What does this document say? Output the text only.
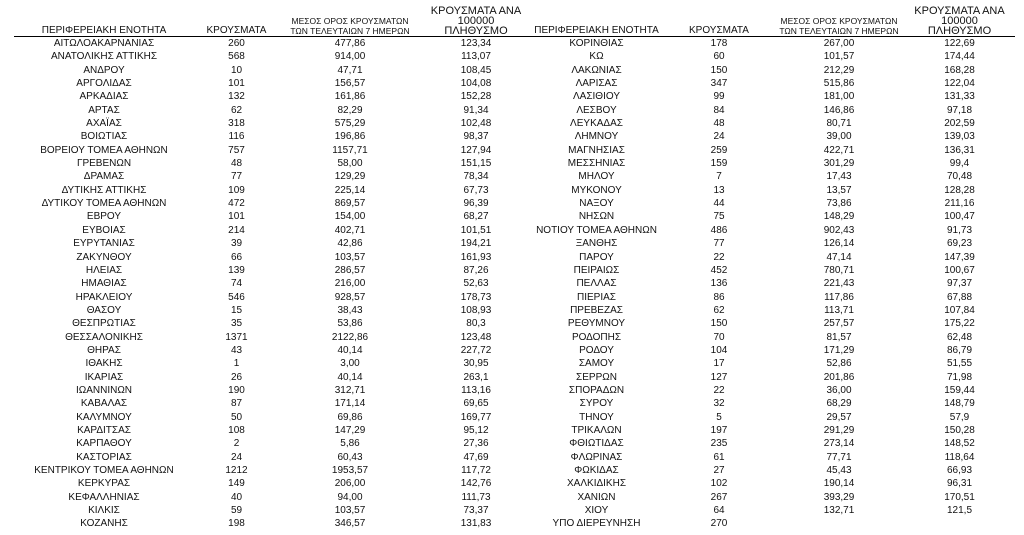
ΠΕΡΙΦΕΡΕΙΑΚΗ ΕΝΟΤΗΤΑ	ΚΡΟΥΣΜΑΤΑ	ΜΕΣΟΣ ΟΡΟΣ ΚΡΟΥΣΜΑΤΩΝ
ΤΩΝ ΤΕΛΕΥΤΑΙΩΝ 7 ΗΜΕΡΩΝ	ΚΡΟΥΣΜΑΤΑ ΑΝΑ 100000
ΠΛΗΘΥΣΜΟ
ΑΙΤΩΛΟΑΚΑΡΝΑΝΙΑΣ	260	477,86	123,34
ΑΝΑΤΟΛΙΚΗΣ ΑΤΤΙΚΗΣ	568	914,00	113,07
ΑΝΔΡΟΥ	10	47,71	108,45
ΑΡΓΟΛΙΔΑΣ	101	156,57	104,08
ΑΡΚΑΔΙΑΣ	132	161,86	152,28
ΑΡΤΑΣ	62	82,29	91,34
ΑΧΑΪΑΣ	318	575,29	102,48
ΒΟΙΩΤΙΑΣ	116	196,86	98,37
ΒΟΡΕΙΟΥ ΤΟΜΕΑ ΑΘΗΝΩΝ	757	1157,71	127,94
ΓΡΕΒΕΝΩΝ	48	58,00	151,15
ΔΡΑΜΑΣ	77	129,29	78,34
ΔΥΤΙΚΗΣ ΑΤΤΙΚΗΣ	109	225,14	67,73
ΔΥΤΙΚΟΥ ΤΟΜΕΑ ΑΘΗΝΩΝ	472	869,57	96,39
ΕΒΡΟΥ	101	154,00	68,27
ΕΥΒΟΙΑΣ	214	402,71	101,51
ΕΥΡΥΤΑΝΙΑΣ	39	42,86	194,21
ΖΑΚΥΝΘΟΥ	66	103,57	161,93
ΗΛΕΙΑΣ	139	286,57	87,26
ΗΜΑΘΙΑΣ	74	216,00	52,63
ΗΡΑΚΛΕΙΟΥ	546	928,57	178,73
ΘΑΣΟΥ	15	38,43	108,93
ΘΕΣΠΡΩΤΙΑΣ	35	53,86	80,3
ΘΕΣΣΑΛΟΝΙΚΗΣ	1371	2122,86	123,48
ΘΗΡΑΣ	43	40,14	227,72
ΙΘΑΚΗΣ	1	3,00	30,95
ΙΚΑΡΙΑΣ	26	40,14	263,1
ΙΩΑΝΝΙΝΩΝ	190	312,71	113,16
ΚΑΒΑΛΑΣ	87	171,14	69,65
ΚΑΛΥΜΝΟΥ	50	69,86	169,77
ΚΑΡΔΙΤΣΑΣ	108	147,29	95,12
ΚΑΡΠΑΘΟΥ	2	5,86	27,36
ΚΑΣΤΟΡΙΑΣ	24	60,43	47,69
ΚΕΝΤΡΙΚΟΥ ΤΟΜΕΑ ΑΘΗΝΩΝ	1212	1953,57	117,72
ΚΕΡΚΥΡΑΣ	149	206,00	142,76
ΚΕΦΑΛΛΗΝΙΑΣ	40	94,00	111,73
ΚΙΛΚΙΣ	59	103,57	73,37
ΚΟΖΑΝΗΣ	198	346,57	131,83
ΠΕΡΙΦΕΡΕΙΑΚΗ ΕΝΟΤΗΤΑ	ΚΡΟΥΣΜΑΤΑ	ΜΕΣΟΣ ΟΡΟΣ ΚΡΟΥΣΜΑΤΩΝ
ΤΩΝ ΤΕΛΕΥΤΑΙΩΝ 7 ΗΜΕΡΩΝ	ΚΡΟΥΣΜΑΤΑ ΑΝΑ 100000
ΠΛΗΘΥΣΜΟ
ΚΟΡΙΝΘΙΑΣ	178	267,00	122,69
ΚΩ	60	101,57	174,44
ΛΑΚΩΝΙΑΣ	150	212,29	168,28
ΛΑΡΙΣΑΣ	347	515,86	122,04
ΛΑΣΙΘΙΟΥ	99	181,00	131,33
ΛΕΣΒΟΥ	84	146,86	97,18
ΛΕΥΚΑΔΑΣ	48	80,71	202,59
ΛΗΜΝΟΥ	24	39,00	139,03
ΜΑΓΝΗΣΙΑΣ	259	422,71	136,31
ΜΕΣΣΗΝΙΑΣ	159	301,29	99,4
ΜΗΛΟΥ	7	17,43	70,48
ΜΥΚΟΝΟΥ	13	13,57	128,28
ΝΑΞΟΥ	44	73,86	211,16
ΝΗΣΩΝ	75	148,29	100,47
ΝΟΤΙΟΥ ΤΟΜΕΑ ΑΘΗΝΩΝ	486	902,43	91,73
ΞΑΝΘΗΣ	77	126,14	69,23
ΠΑΡΟΥ	22	47,14	147,39
ΠΕΙΡΑΙΩΣ	452	780,71	100,67
ΠΕΛΛΑΣ	136	221,43	97,37
ΠΙΕΡΙΑΣ	86	117,86	67,88
ΠΡΕΒΕΖΑΣ	62	113,71	107,84
ΡΕΘΥΜΝΟΥ	150	257,57	175,22
ΡΟΔΟΠΗΣ	70	81,57	62,48
ΡΟΔΟΥ	104	171,29	86,79
ΣΑΜΟΥ	17	52,86	51,55
ΣΕΡΡΩΝ	127	201,86	71,98
ΣΠΟΡΑΔΩΝ	22	36,00	159,44
ΣΥΡΟΥ	32	68,29	148,79
ΤΗΝΟΥ	5	29,57	57,9
ΤΡΙΚΑΛΩΝ	197	291,29	150,28
ΦΘΙΩΤΙΔΑΣ	235	273,14	148,52
ΦΛΩΡΙΝΑΣ	61	77,71	118,64
ΦΩΚΙΔΑΣ	27	45,43	66,93
ΧΑΛΚΙΔΙΚΗΣ	102	190,14	96,31
ΧΑΝΙΩΝ	267	393,29	170,51
ΧΙΟΥ	64	132,71	121,5
ΥΠΟ ΔΙΕΡΕΥΝΗΣΗ	270		
